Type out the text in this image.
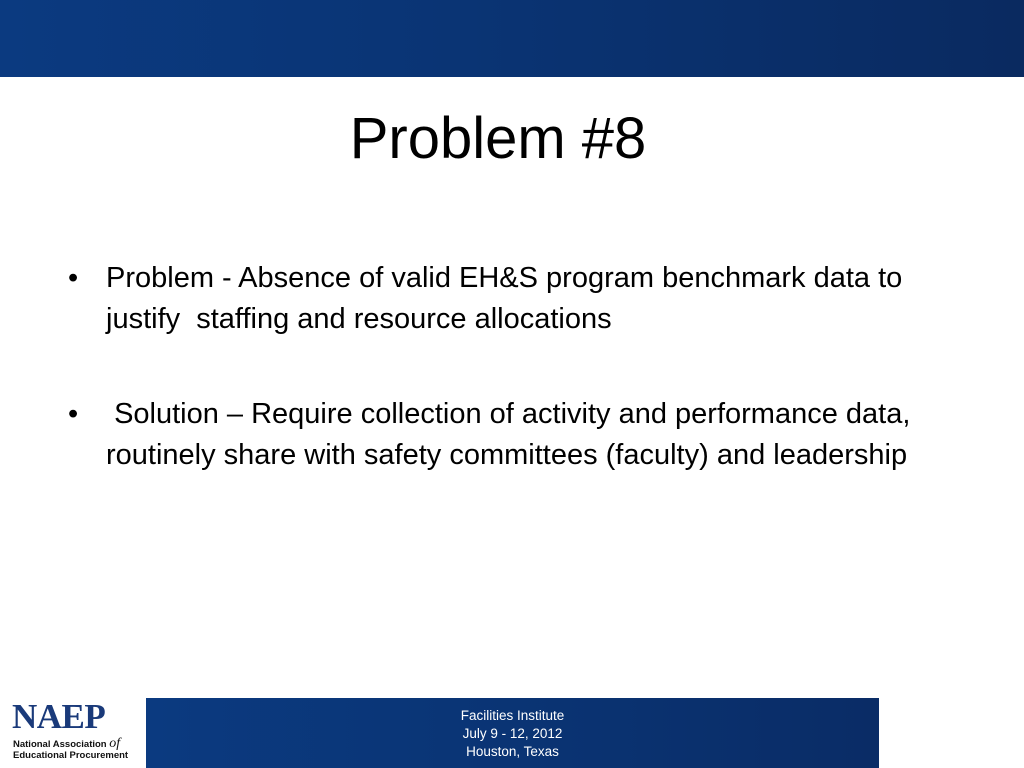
Problem #8
• Problem - Absence of valid EH&S program benchmark data to justify  staffing and resource allocations
• Solution – Require collection of activity and performance data, routinely share with safety committees (faculty) and leadership
NAEP
National Association of
Educational Procurement
Facilities Institute
July 9 - 12, 2012
Houston, Texas
